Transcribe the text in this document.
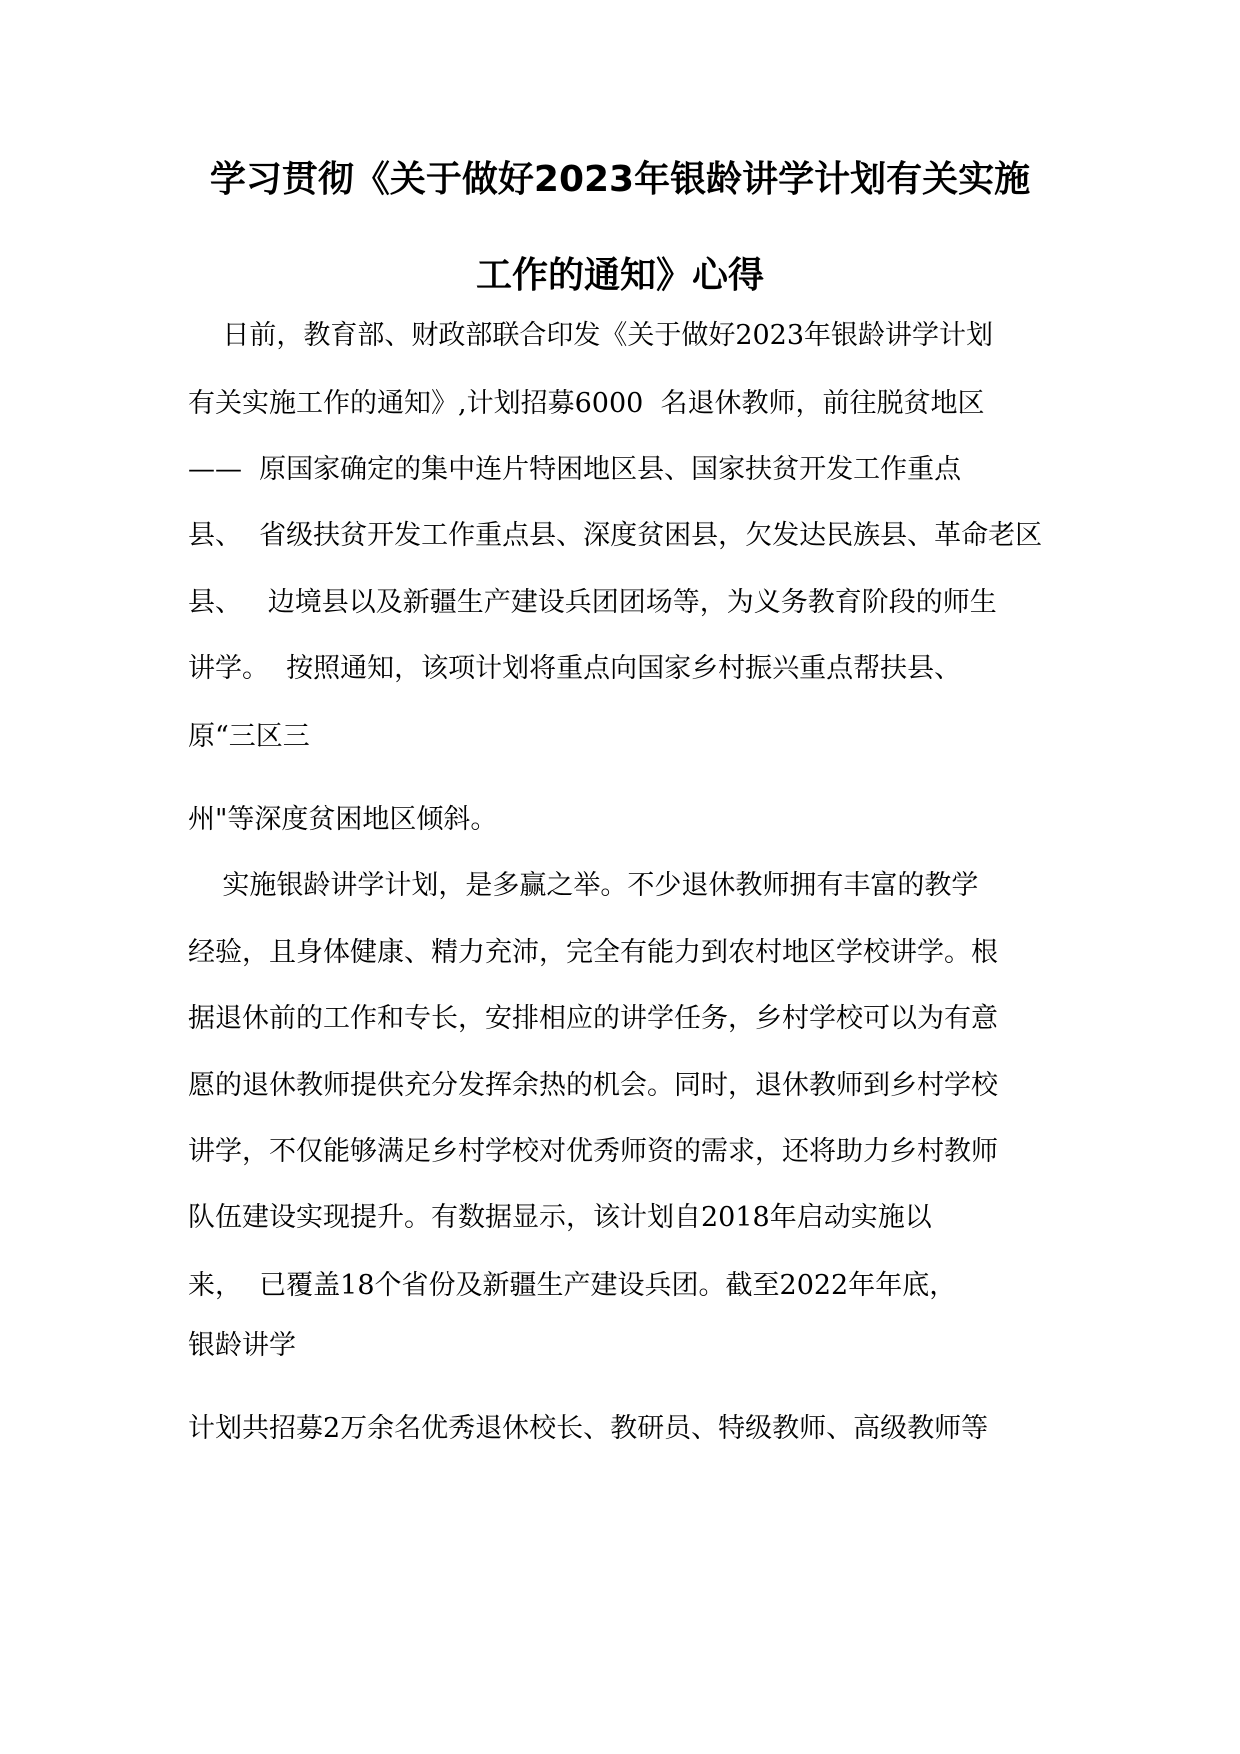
学习贯彻《关于做好2023年银龄讲学计划有关实施
工作的通知》心得
日前，教育部、财政部联合印发《关于做好2023年银龄讲学计划
有关实施工作的通知》,计划招募6000  名退休教师，前往脱贫地区
——  原国家确定的集中连片特困地区县、国家扶贫开发工作重点
县、  省级扶贫开发工作重点县、深度贫困县，欠发达民族县、革命老区
县、   边境县以及新疆生产建设兵团团场等，为义务教育阶段的师生
讲学。  按照通知，该项计划将重点向国家乡村振兴重点帮扶县、
原“三区三
州"等深度贫困地区倾斜。
实施银龄讲学计划，是多赢之举。不少退休教师拥有丰富的教学
经验，且身体健康、精力充沛，完全有能力到农村地区学校讲学。根
据退休前的工作和专长，安排相应的讲学任务，乡村学校可以为有意
愿的退休教师提供充分发挥余热的机会。同时，退休教师到乡村学校
讲学，不仅能够满足乡村学校对优秀师资的需求，还将助力乡村教师
队伍建设实现提升。有数据显示，该计划自2018年启动实施以
来，  已覆盖18个省份及新疆生产建设兵团。截至2022年年底，
银龄讲学
计划共招募2万余名优秀退休校长、教研员、特级教师、高级教师等
